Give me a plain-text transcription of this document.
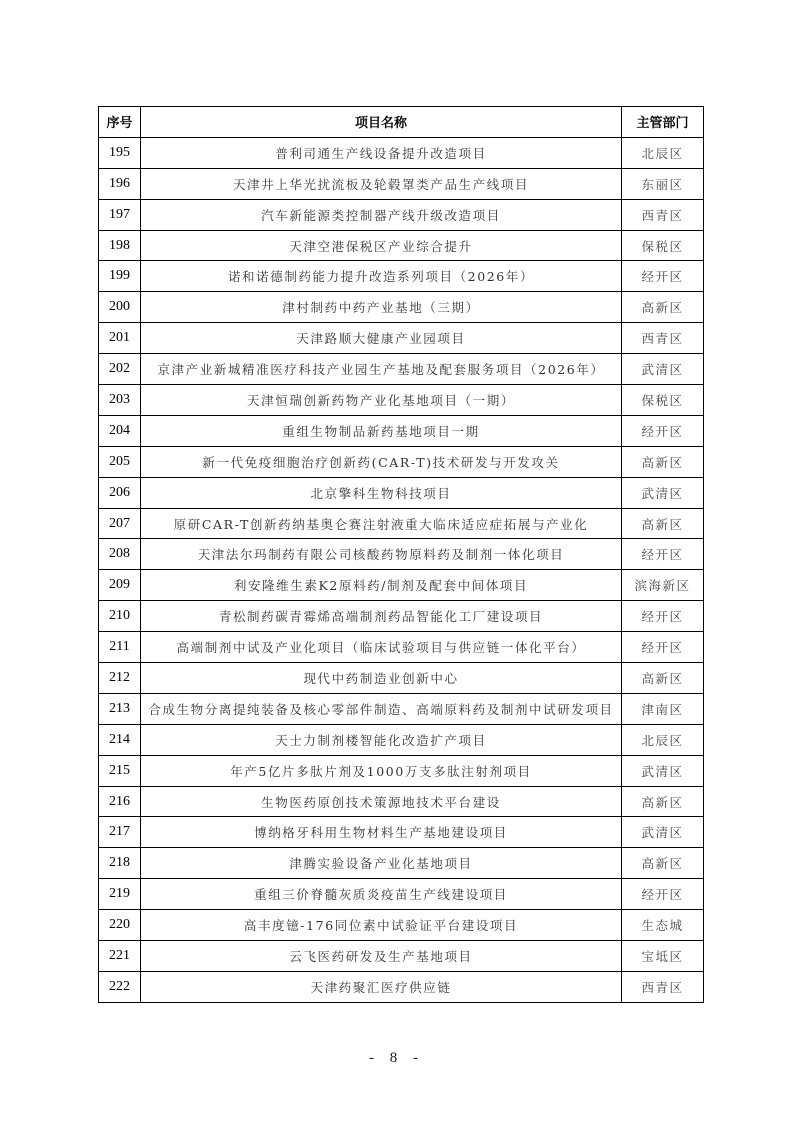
序号	项目名称	主管部门
195	普利司通生产线设备提升改造项目	北辰区
196	天津井上华光扰流板及轮毂罩类产品生产线项目	东丽区
197	汽车新能源类控制器产线升级改造项目	西青区
198	天津空港保税区产业综合提升	保税区
199	诺和诺德制药能力提升改造系列项目（2026年）	经开区
200	津村制药中药产业基地（三期）	高新区
201	天津路顺大健康产业园项目	西青区
202	京津产业新城精准医疗科技产业园生产基地及配套服务项目（2026年）	武清区
203	天津恒瑞创新药物产业化基地项目（一期）	保税区
204	重组生物制品新药基地项目一期	经开区
205	新一代免疫细胞治疗创新药(CAR-T)技术研发与开发攻关	高新区
206	北京擎科生物科技项目	武清区
207	原研CAR-T创新药纳基奥仑赛注射液重大临床适应症拓展与产业化	高新区
208	天津法尔玛制药有限公司核酸药物原料药及制剂一体化项目	经开区
209	利安隆维生素K2原料药/制剂及配套中间体项目	滨海新区
210	青松制药碳青霉烯高端制剂药品智能化工厂建设项目	经开区
211	高端制剂中试及产业化项目（临床试验项目与供应链一体化平台）	经开区
212	现代中药制造业创新中心	高新区
213	合成生物分离提纯装备及核心零部件制造、高端原料药及制剂中试研发项目	津南区
214	天士力制剂楼智能化改造扩产项目	北辰区
215	年产5亿片多肽片剂及1000万支多肽注射剂项目	武清区
216	生物医药原创技术策源地技术平台建设	高新区
217	博纳格牙科用生物材料生产基地建设项目	武清区
218	津腾实验设备产业化基地项目	高新区
219	重组三价脊髓灰质炎疫苗生产线建设项目	经开区
220	高丰度镱-176同位素中试验证平台建设项目	生态城
221	云飞医药研发及生产基地项目	宝坻区
222	天津药聚汇医疗供应链	西青区
- 8 -
